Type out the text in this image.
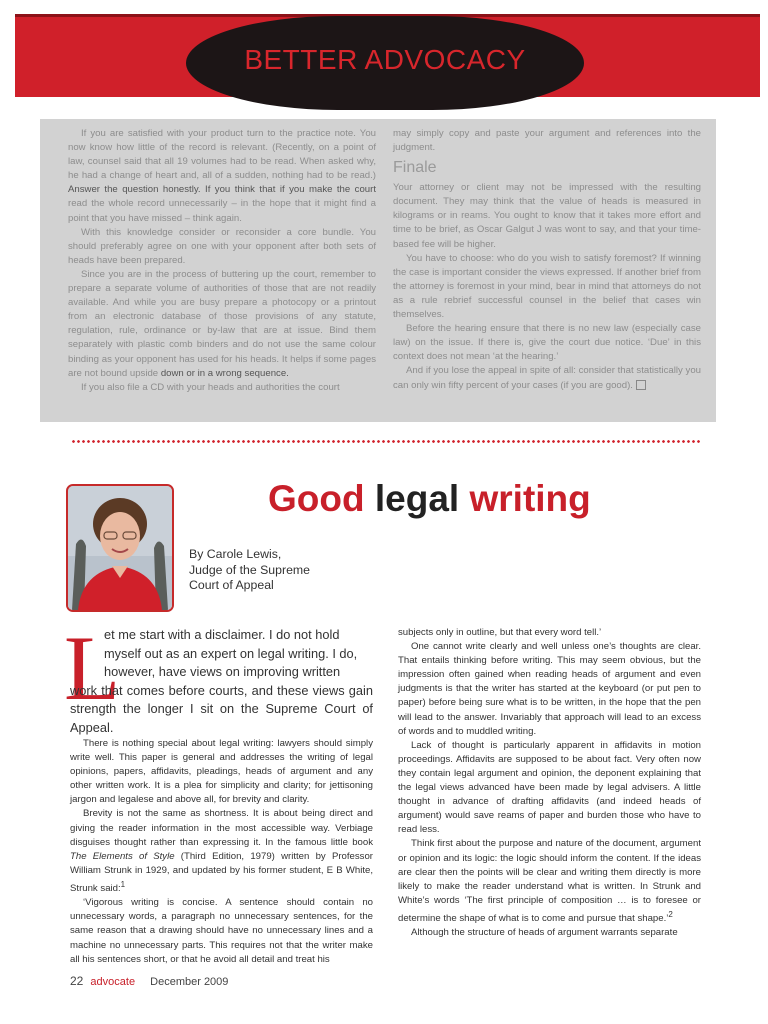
BETTER ADVOCACY

If you are satisfied with your product turn to the practice note. You now know how little of the record is relevant. (Recently, on a point of law, counsel said that all 19 volumes had to be read. When asked why, he had a change of heart and, all of a sudden, nothing had to be read.) Answer the question honestly. If you think that if you make the court read the whole record unnecessarily – in the hope that it might find a point that you have missed – think again.

With this knowledge consider or reconsider a core bundle. You should preferably agree on one with your opponent after both sets of heads have been prepared.

Since you are in the process of buttering up the court, remember to prepare a separate volume of authorities of those that are not readily available. And while you are busy prepare a photocopy or a printout from an electronic database of those provisions of any statute, regulation, rule, ordinance or by-law that are at issue. Bind them separately with plastic comb binders and do not use the same colour binding as your opponent has used for his heads. It helps if some pages are not bound upside down or in a wrong sequence.

If you also file a CD with your heads and authorities the court

may simply copy and paste your argument and references into the judgment.

Finale

Your attorney or client may not be impressed with the resulting document. They may think that the value of heads is measured in kilograms or in reams. You ought to know that it takes more effort and time to be brief, as Oscar Galgut J was wont to say, and that your time-based fee will be higher.

You have to choose: who do you wish to satisfy foremost? If winning the case is important consider the views expressed. If another brief from the attorney is foremost in your mind, bear in mind that attorneys do not as a rule rebrief successful counsel in the belief that cases win themselves.

Before the hearing ensure that there is no new law (especially case law) on the issue. If there is, give the court due notice. ‘Due’ in this context does not mean ‘at the hearing.’

And if you lose the appeal in spite of all: consider that statistically you can only win fifty percent of your cases (if you are good).

Good legal writing
By Carole Lewis,
Judge of the Supreme
Court of Appeal
L

et me start with a disclaimer. I do not hold

myself out as an expert on legal writing. I do,

however, have views on improving written

work that comes before courts, and these views gain strength the longer I sit on the Supreme Court of Appeal.

There is nothing special about legal writing: lawyers should simply write well. This paper is general and addresses the writing of legal opinions, papers, affidavits, pleadings, heads of argument and any other written work. It is a plea for simplicity and clarity; for jettisoning jargon and legalese and above all, for brevity and clarity.

Brevity is not the same as shortness. It is about being direct and giving the reader information in the most accessible way. Verbiage disguises thought rather than expressing it. In the famous little book The Elements of Style (Third Edition, 1979) written by Professor William Strunk in 1929, and updated by his former student, E B White, Strunk said:$^1$

‘Vigorous writing is concise. A sentence should contain no unnecessary words, a paragraph no unnecessary sentences, for the same reason that a drawing should have no unnecessary lines and a machine no unnecessary parts. This requires not that the writer make all his sentences short, or that he avoid all detail and treat his

subjects only in outline, but that every word tell.’

One cannot write clearly and well unless one’s thoughts are clear. That entails thinking before writing. This may seem obvious, but the impression often gained when reading heads of argument and even judgments is that the writer has started at the keyboard (or put pen to paper) before being sure what is to be written, in the hope that the pen will lead to the answer. Invariably that approach will lead to an excess of words and to muddled writing.

Lack of thought is particularly apparent in affidavits in motion proceedings. Affidavits are supposed to be about fact. Very often now they contain legal argument and opinion, the deponent explaining that the legal views advanced have been made by legal advisers. A little thought in advance of drafting affidavits (and indeed heads of argument) would save reams of paper and burden those who have to read less.

Think first about the purpose and nature of the document, argument or opinion and its logic: the logic should inform the content. If the ideas are clear then the points will be clear and writing them directly is more likely to make the reader understand what is written. In Strunk and White’s words ‘The first principle of composition … is to foresee or determine the shape of what is to come and pursue that shape.’$^2$

Although the structure of heads of argument warrants separate

22 advocate December 2009
